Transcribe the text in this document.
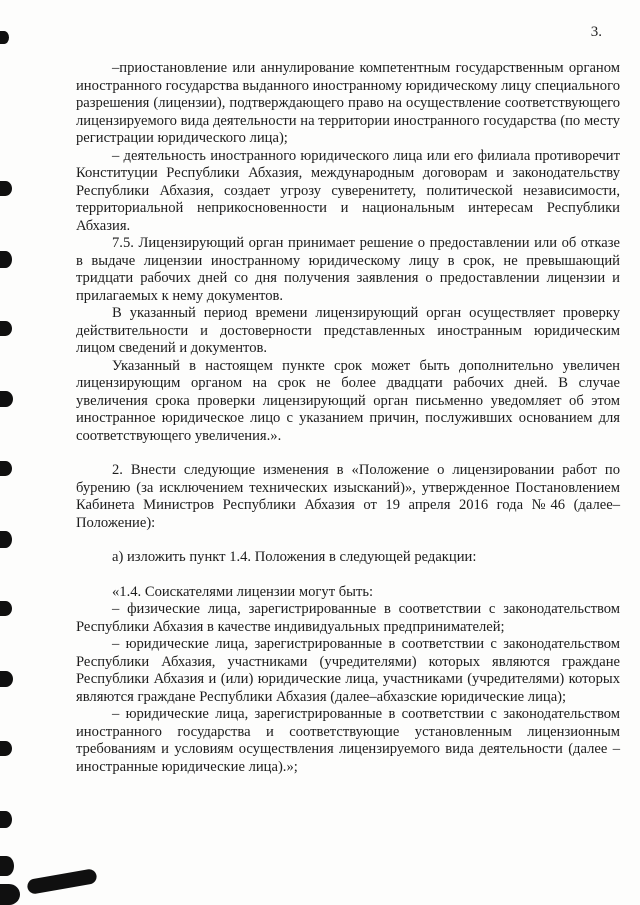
3.

–приостановление или аннулирование компетентным государственным органом иностранного государства выданного иностранному юридическому лицу специального разрешения (лицензии), подтверждающего право на осуществление соответствующего лицензируемого вида деятельности на территории иностранного государства (по месту регистрации юридического лица);

– деятельность иностранного юридического лица или его филиала противоречит Конституции Республики Абхазия, международным договорам и законодательству Республики Абхазия, создает угрозу суверенитету, политической независимости, территориальной неприкосновенности и национальным интересам Республики Абхазия.

7.5. Лицензирующий орган принимает решение о предоставлении или об отказе в выдаче лицензии иностранному юридическому лицу в срок, не превышающий тридцати рабочих дней со дня получения заявления о предоставлении лицензии и прилагаемых к нему документов.

В указанный период времени лицензирующий орган осуществляет проверку действительности и достоверности представленных иностранным юридическим лицом сведений и документов.

Указанный в настоящем пункте срок может быть дополнительно увеличен лицензирующим органом на срок не более двадцати рабочих дней. В случае увеличения срока проверки лицензирующий орган письменно уведомляет об этом иностранное юридическое лицо с указанием причин, послуживших основанием для соответствующего увеличения.».

2. Внести следующие изменения в «Положение о лицензировании работ по бурению (за исключением технических изысканий)», утвержденное Постановлением Кабинета Министров Республики Абхазия от 19 апреля 2016 года №46 (далее–Положение):

а) изложить пункт 1.4. Положения в следующей редакции:

«1.4. Соискателями лицензии могут быть:

– физические лица, зарегистрированные в соответствии с законодательством Республики Абхазия в качестве индивидуальных предпринимателей;

– юридические лица, зарегистрированные в соответствии с законодательством Республики Абхазия, участниками (учредителями) которых являются граждане Республики Абхазия и (или) юридические лица, участниками (учредителями) которых являются граждане Республики Абхазия (далее–абхазские юридические лица);

– юридические лица, зарегистрированные в соответствии с законодательством иностранного государства и соответствующие установленным лицензионным требованиям и условиям осуществления лицензируемого вида деятельности (далее – иностранные юридические лица).»;
